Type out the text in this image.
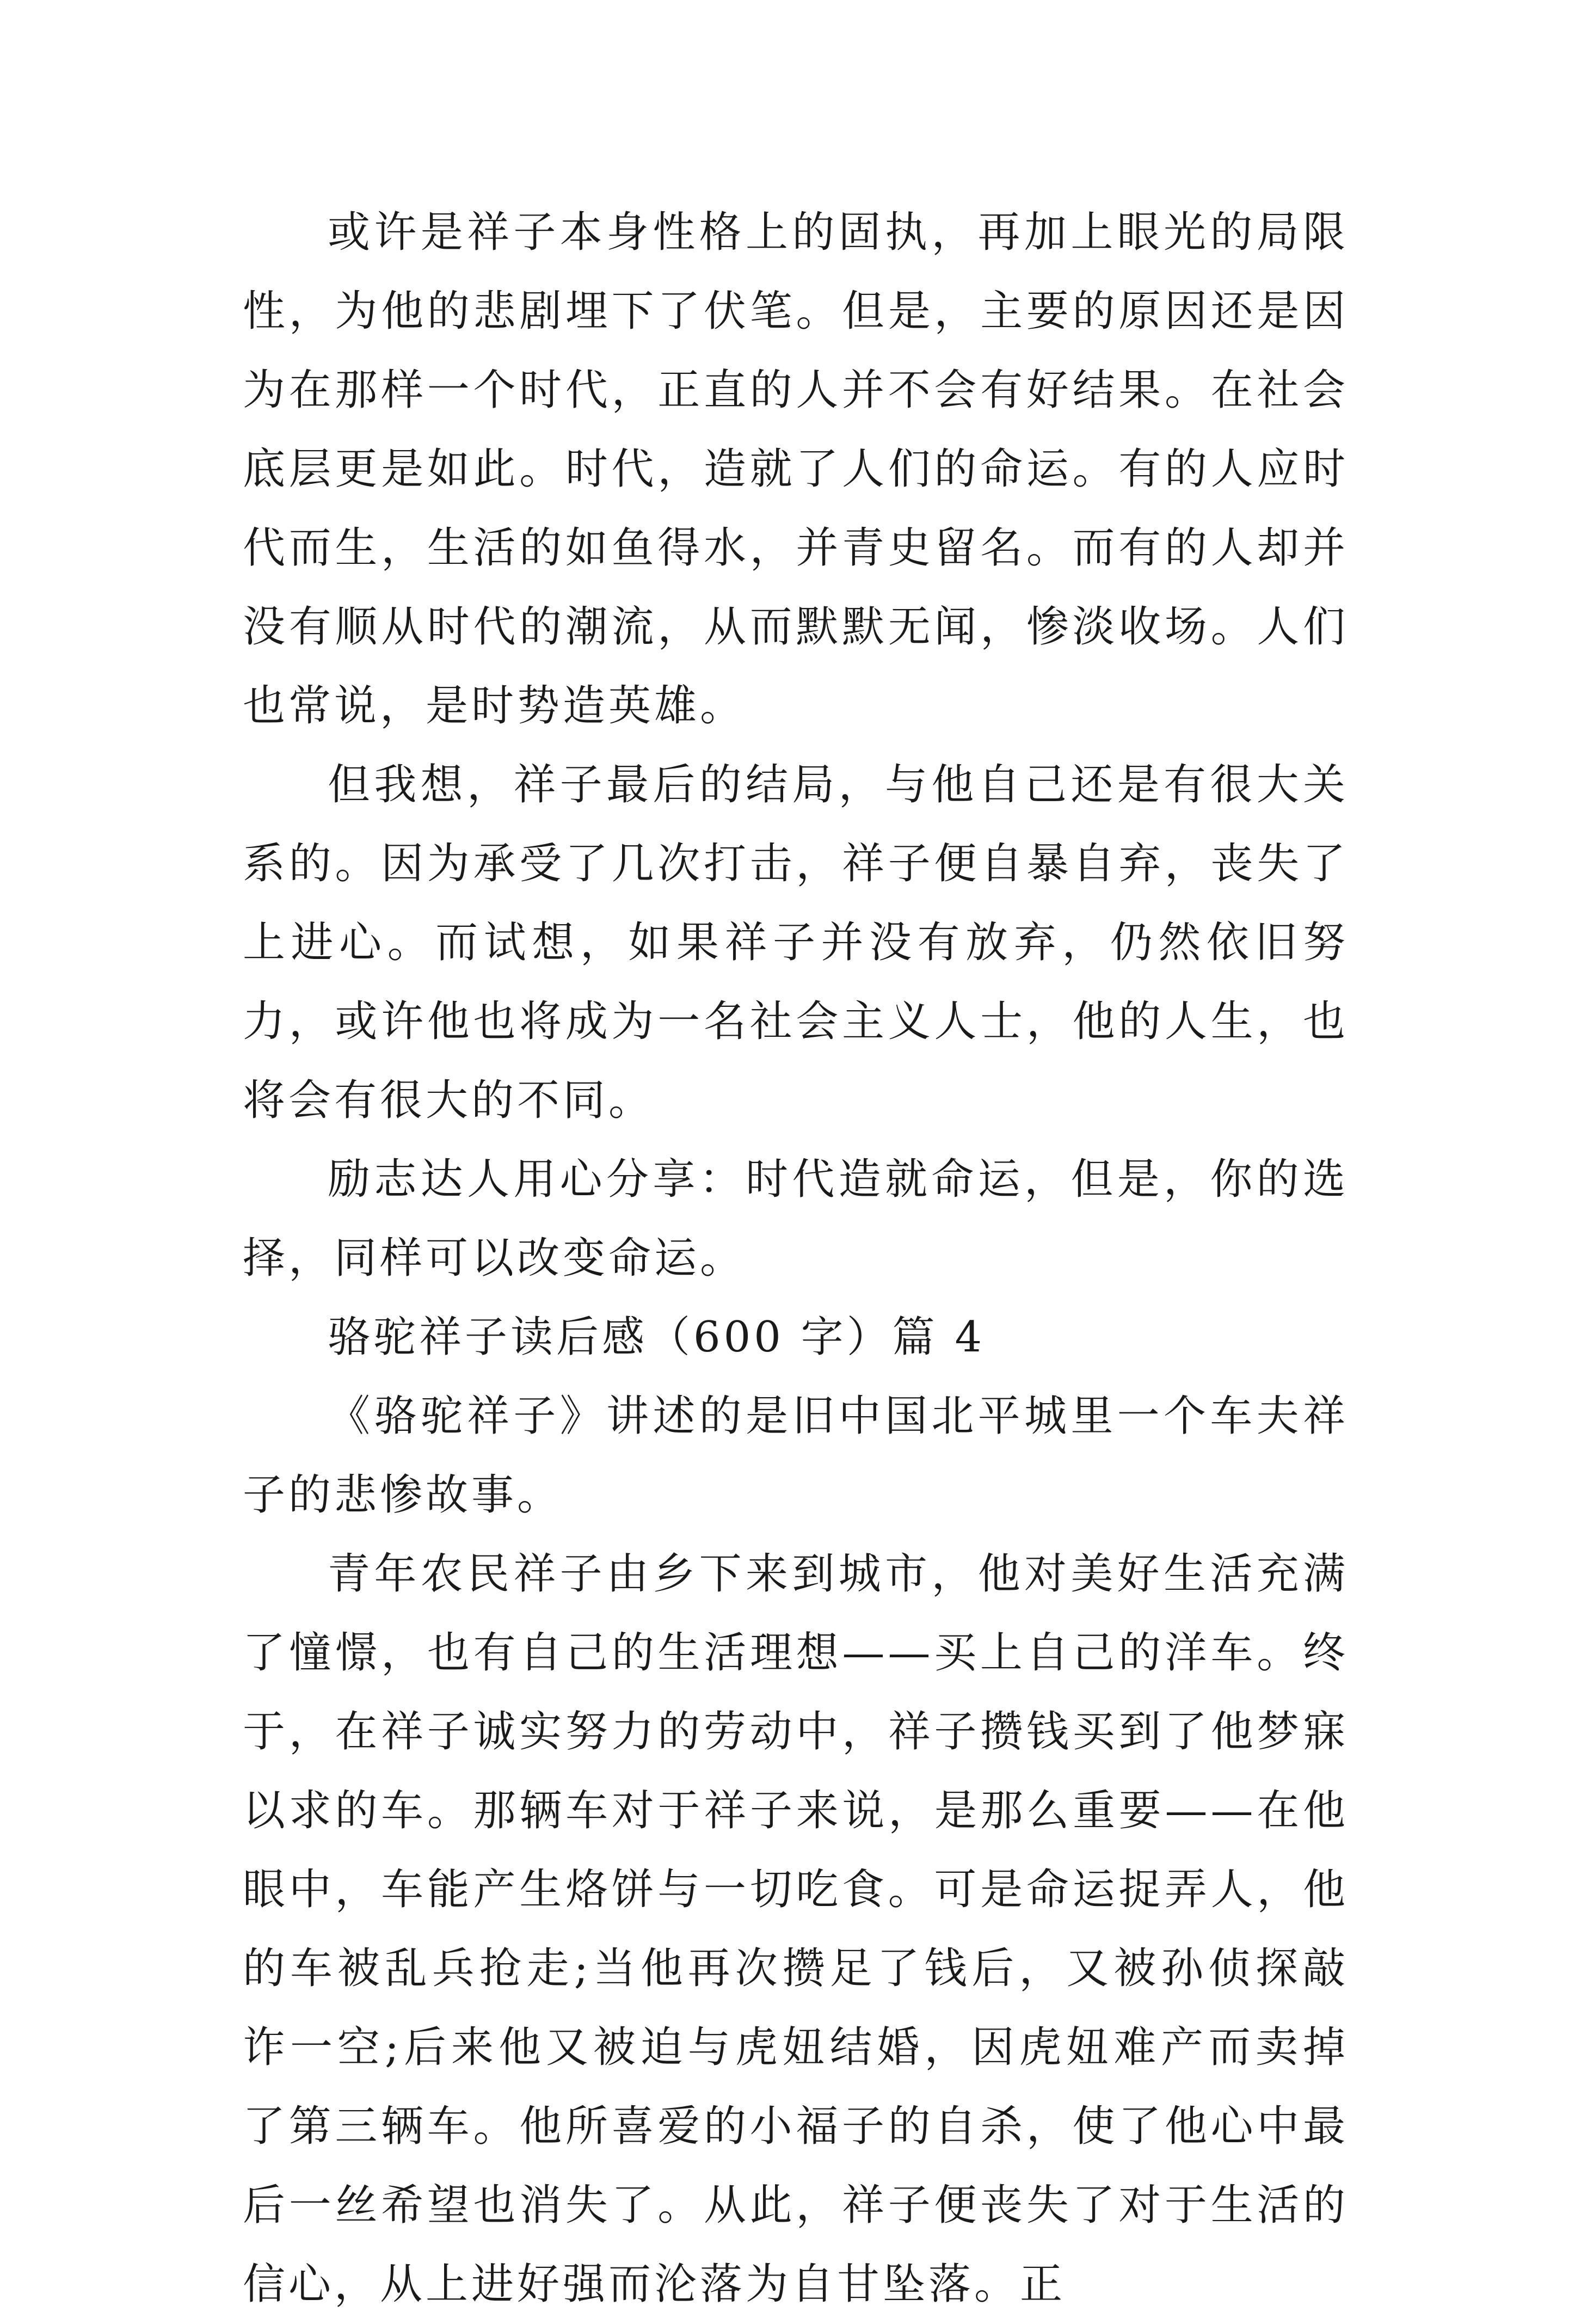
或许是祥子本身性格上的固执，再加上眼光的局限性，为他的悲剧埋下了伏笔。但是，主要的原因还是因为在那样一个时代，正直的人并不会有好结果。在社会底层更是如此。时代，造就了人们的命运。有的人应时代而生，生活的如鱼得水，并青史留名。而有的人却并没有顺从时代的潮流，从而默默无闻，惨淡收场。人们也常说，是时势造英雄。

但我想，祥子最后的结局，与他自己还是有很大关系的。因为承受了几次打击，祥子便自暴自弃，丧失了上进心。而试想，如果祥子并没有放弃，仍然依旧努力，或许他也将成为一名社会主义人士，他的人生，也将会有很大的不同。

励志达人用心分享：时代造就命运，但是，你的选择，同样可以改变命运。

骆驼祥子读后感（600 字）篇 4

《骆驼祥子》讲述的是旧中国北平城里一个车夫祥子的悲惨故事。

青年农民祥子由乡下来到城市，他对美好生活充满了憧憬，也有自己的生活理想——买上自己的洋车。终于，在祥子诚实努力的劳动中，祥子攒钱买到了他梦寐以求的车。那辆车对于祥子来说，是那么重要——在他眼中，车能产生烙饼与一切吃食。可是命运捉弄人，他的车被乱兵抢走;当他再次攒足了钱后，又被孙侦探敲诈一空;后来他又被迫与虎妞结婚，因虎妞难产而卖掉了第三辆车。他所喜爱的小福子的自杀，使了他心中最后一丝希望也消失了。从此，祥子便丧失了对于生活的信心，从上进好强而沦落为自甘坠落。正
